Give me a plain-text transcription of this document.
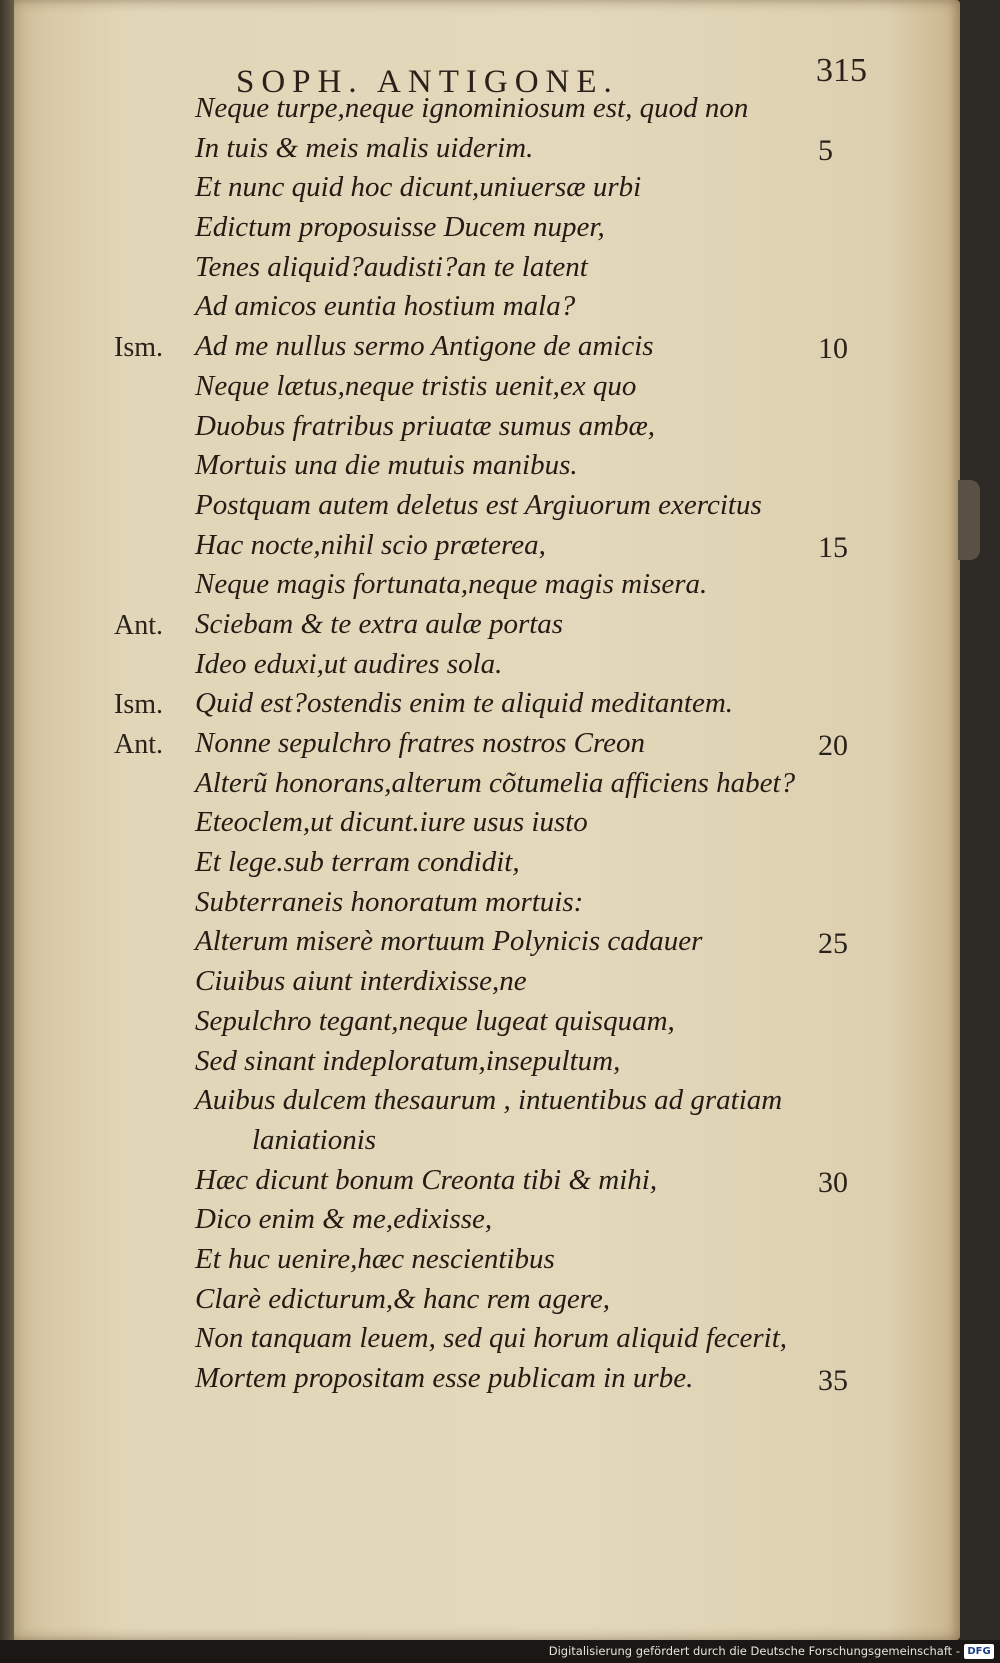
SOPH. ANTIGONE.	315
Neque turpe,neque ignominiosum est, quod non
In tuis & meis malis uiderim.	5
Et nunc quid hoc dicunt,uniuersæ urbi
Edictum proposuisse Ducem nuper,
Tenes aliquid?audisti?an te latent
Ad amicos euntia hostium mala?
Ism. Ad me nullus sermo Antigone de amicis	10
Neque lætus,neque tristis uenit,ex quo
Duobus fratribus priuatæ sumus ambæ,
Mortuis una die mutuis manibus.
Postquam autem deletus est Argiuorum exercitus
Hac nocte,nihil scio præterea,	15
Neque magis fortunata,neque magis misera.
Ant. Sciebam & te extra aulæ portas
Ideo eduxi,ut audires sola.
Ism. Quid est?ostendis enim te aliquid meditantem.
Ant. Nonne sepulchro fratres nostros Creon	20
Alterũ honorans,alterum cõtumelia afficiens habet?
Eteoclem,ut dicunt.iure usus iusto
Et lege.sub terram condidit,
Subterraneis honoratum mortuis:
Alterum miserè mortuum Polynicis cadauer	25
Ciuibus aiunt interdixisse,ne
Sepulchro tegant,neque lugeat quisquam,
Sed sinant indeploratum,insepultum,
Auibus dulcem thesaurum , intuentibus ad gratiam
laniationis
Hæc dicunt bonum Creonta tibi & mihi,	30
Dico enim & me,edixisse,
Et huc uenire,hæc nescientibus
Clarè edicturum,& hanc rem agere,
Non tanquam leuem, sed qui horum aliquid fecerit,
Mortem propositam esse publicam in urbe.	35
Digitalisierung gefördert durch die Deutsche Forschungsgemeinschaft - DFG
